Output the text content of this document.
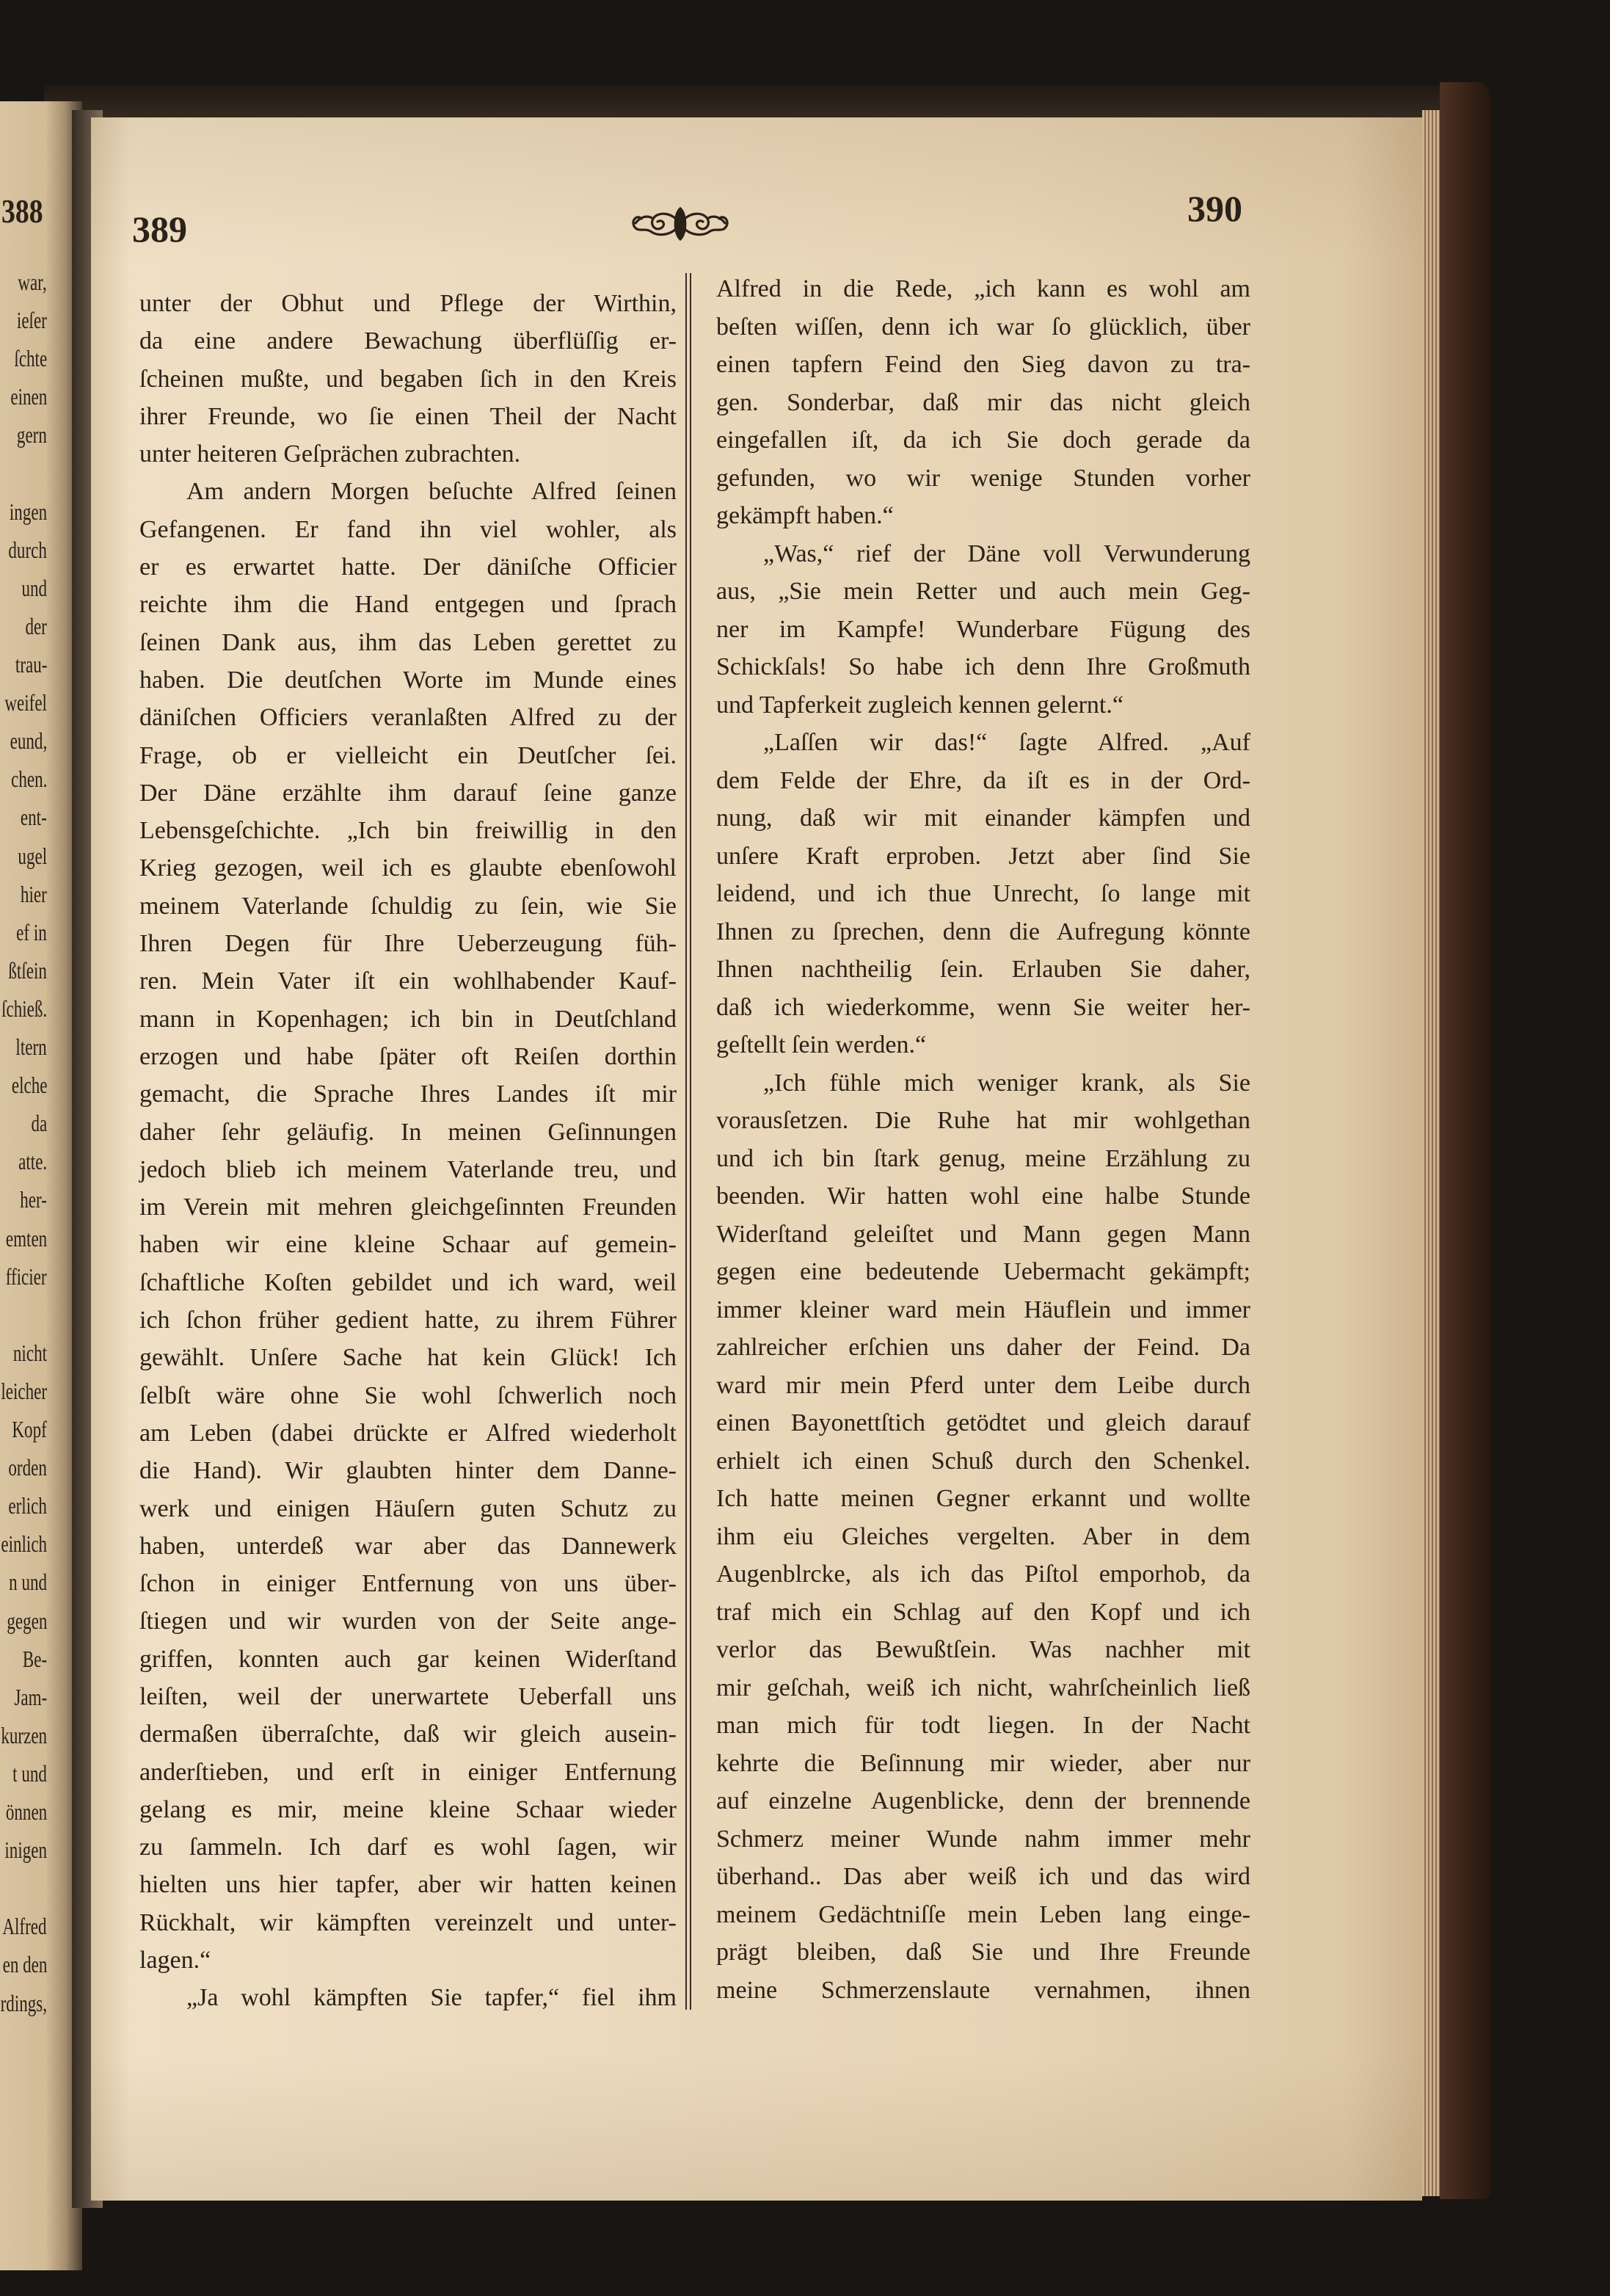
388
war,
ieſer
ſchte
einen
gern
ingen
durch
und
der
trau-
weifel
eund,
chen.
ent-
ugel
hier
ef in
ßtſein
ſchieß.
ltern
elche
da
atte.
her-
emten
fficier
nicht
leicher
Kopf
orden
erlich
einlich
n und
gegen
Be-
Jam-
kurzen
t und
önnen
inigen
Alfred
en den
rdings,
389	390
unter der Obhut und Pflege der Wirthin,
da eine andere Bewachung überflüſſig er-
ſcheinen mußte, und begaben ſich in den Kreis
ihrer Freunde, wo ſie einen Theil der Nacht
unter heiteren Geſprächen zubrachten.
Am andern Morgen beſuchte Alfred ſeinen
Gefangenen. Er fand ihn viel wohler, als
er es erwartet hatte. Der däniſche Officier
reichte ihm die Hand entgegen und ſprach
ſeinen Dank aus, ihm das Leben gerettet zu
haben. Die deutſchen Worte im Munde eines
däniſchen Officiers veranlaßten Alfred zu der
Frage, ob er vielleicht ein Deutſcher ſei.
Der Däne erzählte ihm darauf ſeine ganze
Lebensgeſchichte. „Ich bin freiwillig in den
Krieg gezogen, weil ich es glaubte ebenſowohl
meinem Vaterlande ſchuldig zu ſein, wie Sie
Ihren Degen für Ihre Ueberzeugung füh-
ren. Mein Vater iſt ein wohlhabender Kauf-
mann in Kopenhagen; ich bin in Deutſchland
erzogen und habe ſpäter oft Reiſen dorthin
gemacht, die Sprache Ihres Landes iſt mir
daher ſehr geläufig. In meinen Geſinnungen
jedoch blieb ich meinem Vaterlande treu, und
im Verein mit mehren gleichgeſinnten Freunden
haben wir eine kleine Schaar auf gemein-
ſchaftliche Koſten gebildet und ich ward, weil
ich ſchon früher gedient hatte, zu ihrem Führer
gewählt. Unſere Sache hat kein Glück! Ich
ſelbſt wäre ohne Sie wohl ſchwerlich noch
am Leben (dabei drückte er Alfred wiederholt
die Hand). Wir glaubten hinter dem Danne-
werk und einigen Häuſern guten Schutz zu
haben, unterdeß war aber das Dannewerk
ſchon in einiger Entfernung von uns über-
ſtiegen und wir wurden von der Seite ange-
griffen, konnten auch gar keinen Widerſtand
leiſten, weil der unerwartete Ueberfall uns
dermaßen überraſchte, daß wir gleich ausein-
anderſtieben, und erſt in einiger Entfernung
gelang es mir, meine kleine Schaar wieder
zu ſammeln. Ich darf es wohl ſagen, wir
hielten uns hier tapfer, aber wir hatten keinen
Rückhalt, wir kämpften vereinzelt und unter-
lagen.“
„Ja wohl kämpften Sie tapfer,“ fiel ihm
Alfred in die Rede, „ich kann es wohl am
beſten wiſſen, denn ich war ſo glücklich, über
einen tapfern Feind den Sieg davon zu tra-
gen. Sonderbar, daß mir das nicht gleich
eingefallen iſt, da ich Sie doch gerade da
gefunden, wo wir wenige Stunden vorher
gekämpft haben.“
„Was,“ rief der Däne voll Verwunderung
aus, „Sie mein Retter und auch mein Geg-
ner im Kampfe! Wunderbare Fügung des
Schickſals! So habe ich denn Ihre Großmuth
und Tapferkeit zugleich kennen gelernt.“
„Laſſen wir das!“ ſagte Alfred. „Auf
dem Felde der Ehre, da iſt es in der Ord-
nung, daß wir mit einander kämpfen und
unſere Kraft erproben. Jetzt aber ſind Sie
leidend, und ich thue Unrecht, ſo lange mit
Ihnen zu ſprechen, denn die Aufregung könnte
Ihnen nachtheilig ſein. Erlauben Sie daher,
daß ich wiederkomme, wenn Sie weiter her-
geſtellt ſein werden.“
„Ich fühle mich weniger krank, als Sie
vorausſetzen. Die Ruhe hat mir wohlgethan
und ich bin ſtark genug, meine Erzählung zu
beenden. Wir hatten wohl eine halbe Stunde
Widerſtand geleiſtet und Mann gegen Mann
gegen eine bedeutende Uebermacht gekämpft;
immer kleiner ward mein Häuflein und immer
zahlreicher erſchien uns daher der Feind. Da
ward mir mein Pferd unter dem Leibe durch
einen Bayonettſtich getödtet und gleich darauf
erhielt ich einen Schuß durch den Schenkel.
Ich hatte meinen Gegner erkannt und wollte
ihm eiu Gleiches vergelten. Aber in dem
Augenblrcke, als ich das Piſtol emporhob, da
traf mich ein Schlag auf den Kopf und ich
verlor das Bewußtſein. Was nachher mit
mir geſchah, weiß ich nicht, wahrſcheinlich ließ
man mich für todt liegen. In der Nacht
kehrte die Beſinnung mir wieder, aber nur
auf einzelne Augenblicke, denn der brennende
Schmerz meiner Wunde nahm immer mehr
überhand.. Das aber weiß ich und das wird
meinem Gedächtniſſe mein Leben lang einge-
prägt bleiben, daß Sie und Ihre Freunde
meine Schmerzenslaute vernahmen, ihnen
